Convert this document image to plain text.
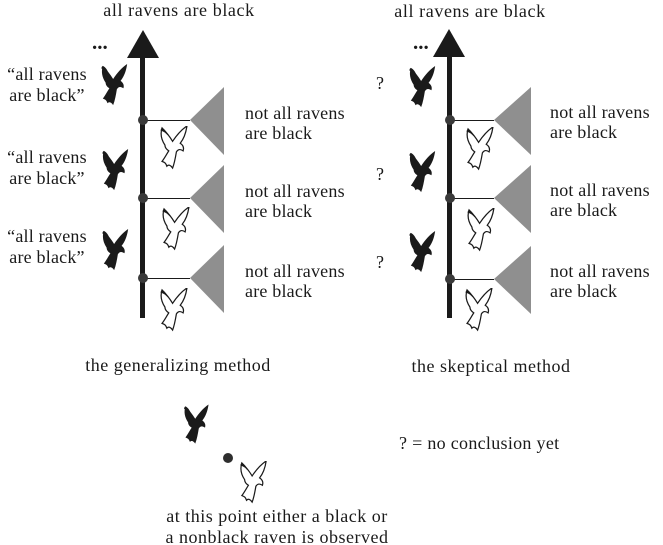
all ravens are black
...
“all ravens
are black”
not all ravens
are black
“all ravens
are black”
not all ravens
are black
“all ravens
are black”
not all ravens
are black
the generalizing method
all ravens are black
...
?
not all ravens
are black
?
not all ravens
are black
?	not all ravens
are black
the skeptical method
? = no conclusion yet
at this point either a black or
a nonblack raven is observed
